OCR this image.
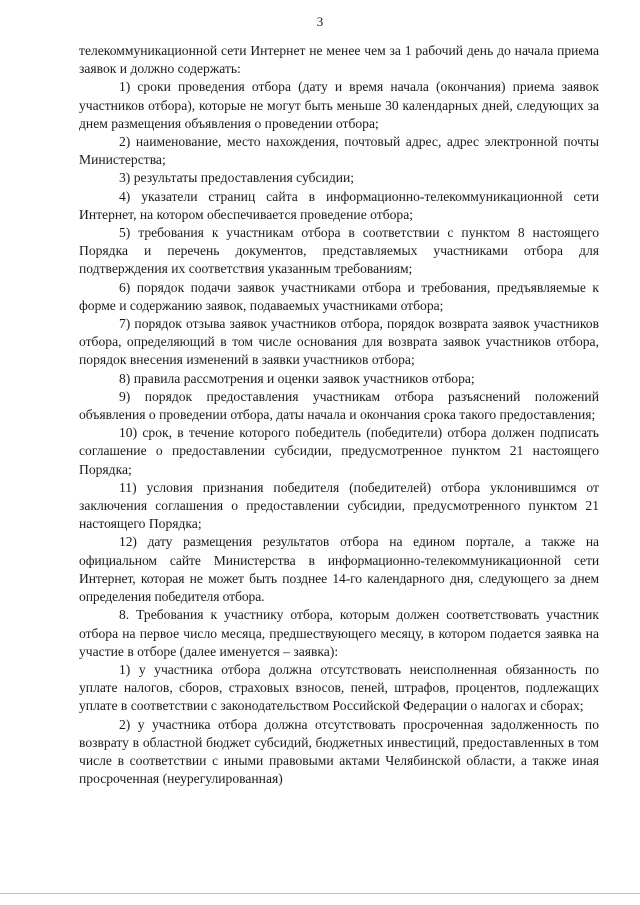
3

телекоммуникационной сети Интернет не менее чем за 1 рабочий день до начала приема заявок и должно содержать:

1) сроки проведения отбора (дату и время начала (окончания) приема заявок участников отбора), которые не могут быть меньше 30 календарных дней, следующих за днем размещения объявления о проведении отбора;

2) наименование, место нахождения, почтовый адрес, адрес электронной почты Министерства;

3) результаты предоставления субсидии;

4) указатели страниц сайта в информационно-телекоммуникационной сети Интернет, на котором обеспечивается проведение отбора;

5) требования к участникам отбора в соответствии с пунктом 8 настоящего Порядка и перечень документов, представляемых участниками отбора для подтверждения их соответствия указанным требованиям;

6) порядок подачи заявок участниками отбора и требования, предъявляемые к форме и содержанию заявок, подаваемых участниками отбора;

7) порядок отзыва заявок участников отбора, порядок возврата заявок участников отбора, определяющий в том числе основания для возврата заявок участников отбора, порядок внесения изменений в заявки участников отбора;

8) правила рассмотрения и оценки заявок участников отбора;

9) порядок предоставления участникам отбора разъяснений положений объявления о проведении отбора, даты начала и окончания срока такого предоставления;

10) срок, в течение которого победитель (победители) отбора должен подписать соглашение о предоставлении субсидии, предусмотренное пунктом 21 настоящего Порядка;

11) условия признания победителя (победителей) отбора уклонившимся от заключения соглашения о предоставлении субсидии, предусмотренного пунктом 21 настоящего Порядка;

12) дату размещения результатов отбора на едином портале, а также на официальном сайте Министерства в информационно-телекоммуникационной сети Интернет, которая не может быть позднее 14-го календарного дня, следующего за днем определения победителя отбора.

8. Требования к участнику отбора, которым должен соответствовать участник отбора на первое число месяца, предшествующего месяцу, в котором подается заявка на участие в отборе (далее именуется – заявка):

1) у участника отбора должна отсутствовать неисполненная обязанность по уплате налогов, сборов, страховых взносов, пеней, штрафов, процентов, подлежащих уплате в соответствии с законодательством Российской Федерации о налогах и сборах;

2) у участника отбора должна отсутствовать просроченная задолженность по возврату в областной бюджет субсидий, бюджетных инвестиций, предоставленных в том числе в соответствии с иными правовыми актами Челябинской области, а также иная просроченная (неурегулированная)
